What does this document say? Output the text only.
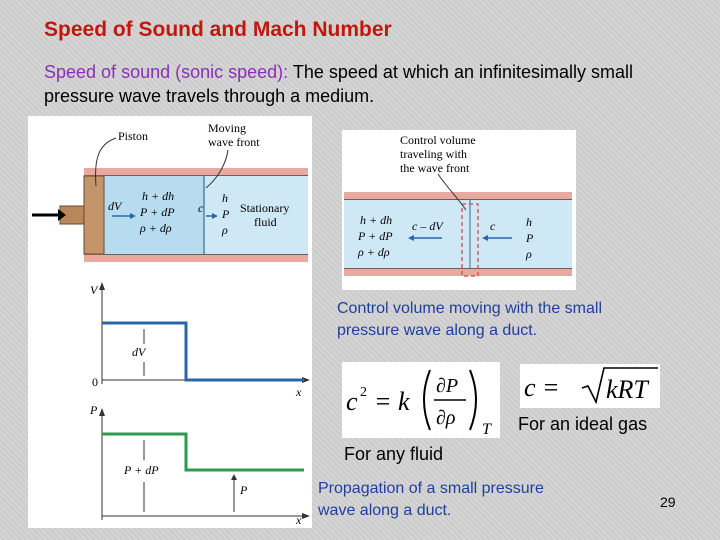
Speed of Sound and Mach Number
Speed of sound (sonic speed): The speed at which an infinitesimally small pressure wave travels through a medium.
Piston
Moving
wave front
dV
h + dh
P + dP
ρ + dρ
c
h
P
ρ
Stationary
fluid
V
0
x
dV
P
x
P + dP
P
Control volume
traveling with
the wave front
h + dh
P + dP
ρ + dρ
c – dV	c	h
P
ρ
Control volume moving with the small pressure wave along a duct.
c 2 = k
∂P
∂ρ
T
c = kRT
For an ideal gas
For any fluid
Propagation of a small pressure wave along a duct.	29
